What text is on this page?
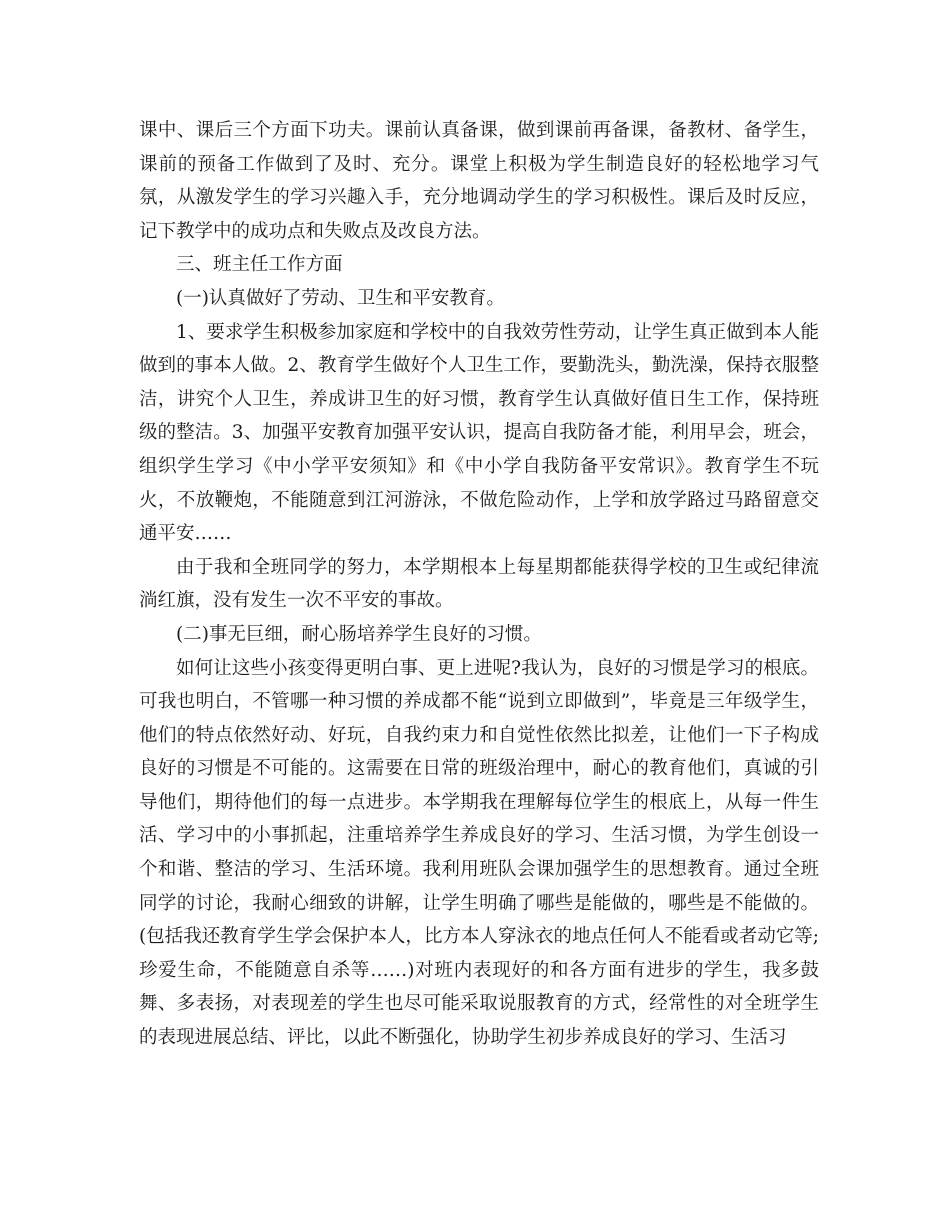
课中、课后三个方面下功夫。课前认真备课，做到课前再备课，备教材、备学生，课前的预备工作做到了及时、充分。课堂上积极为学生制造良好的轻松地学习气氛，从激发学生的学习兴趣入手，充分地调动学生的学习积极性。课后及时反应，记下教学中的成功点和失败点及改良方法。

三、班主任工作方面

(一)认真做好了劳动、卫生和平安教育。

1、要求学生积极参加家庭和学校中的自我效劳性劳动，让学生真正做到本人能做到的事本人做。2、教育学生做好个人卫生工作，要勤洗头，勤洗澡，保持衣服整洁，讲究个人卫生，养成讲卫生的好习惯，教育学生认真做好值日生工作，保持班级的整洁。3、加强平安教育加强平安认识，提高自我防备才能，利用早会，班会，组织学生学习《中小学平安须知》和《中小学自我防备平安常识》。教育学生不玩火，不放鞭炮，不能随意到江河游泳，不做危险动作，上学和放学路过马路留意交通平安……

由于我和全班同学的努力，本学期根本上每星期都能获得学校的卫生或纪律流淌红旗，没有发生一次不平安的事故。

(二)事无巨细，耐心肠培养学生良好的习惯。

如何让这些小孩变得更明白事、更上进呢?我认为，良好的习惯是学习的根底。可我也明白，不管哪一种习惯的养成都不能“说到立即做到”，毕竟是三年级学生，他们的特点依然好动、好玩，自我约束力和自觉性依然比拟差，让他们一下子构成良好的习惯是不可能的。这需要在日常的班级治理中，耐心的教育他们，真诚的引导他们，期待他们的每一点进步。本学期我在理解每位学生的根底上，从每一件生活、学习中的小事抓起，注重培养学生养成良好的学习、生活习惯，为学生创设一个和谐、整洁的学习、生活环境。我利用班队会课加强学生的思想教育。通过全班同学的讨论，我耐心细致的讲解，让学生明确了哪些是能做的，哪些是不能做的。(包括我还教育学生学会保护本人，比方本人穿泳衣的地点任何人不能看或者动它等;珍爱生命，不能随意自杀等……)对班内表现好的和各方面有进步的学生，我多鼓舞、多表扬，对表现差的学生也尽可能采取说服教育的方式，经常性的对全班学生的表现进展总结、评比，以此不断强化，协助学生初步养成良好的学习、生活习
